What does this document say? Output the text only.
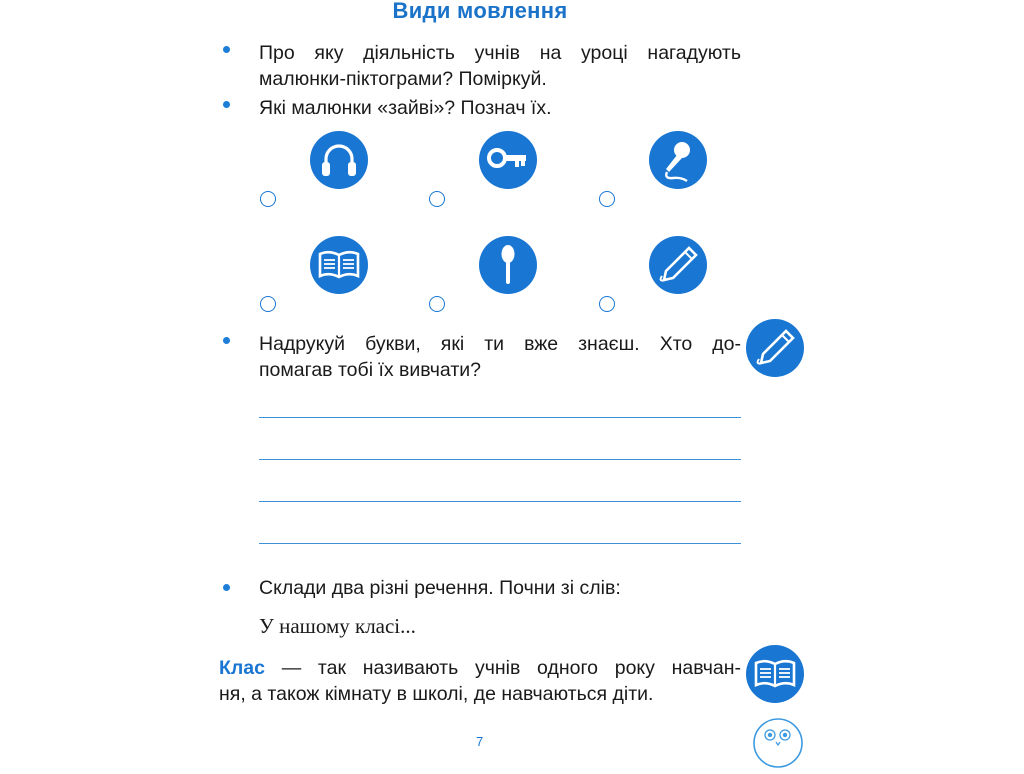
Види мовлення
Про яку діяльність учнів на уроці нагадують малюнки-піктограми? Поміркуй.
Які малюнки «зайві»? Познач їх.
Надрукуй букви, які ти вже знаєш. Хто до-
помагав тобі їх вивчати?
Склади два різні речення. Почни зі слів:
У нашому класі...
Клас — так називають учнів одного року навчан-
ня, а також кімнату в школі, де навчаються діти.
7
